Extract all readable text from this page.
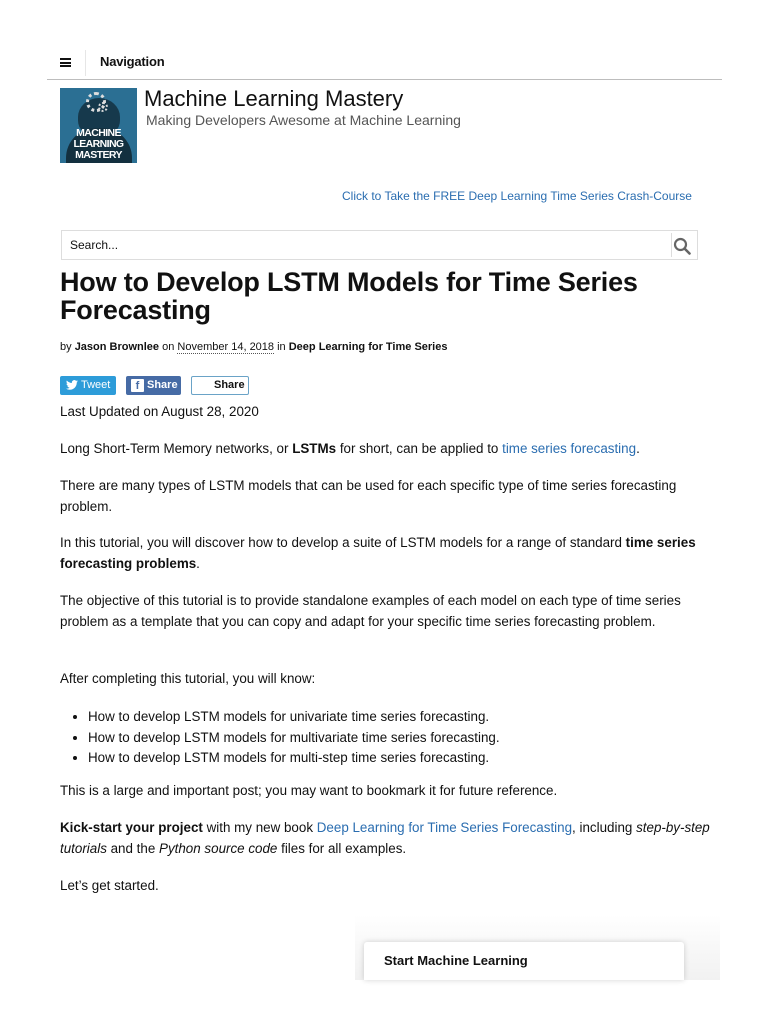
Navigation
MACHINE
LEARNING
MASTERY
Machine Learning Mastery
Making Developers Awesome at Machine Learning
Click to Take the FREE Deep Learning Time Series Crash-Course
Search...
How to Develop LSTM Models for Time Series Forecasting
by Jason Brownlee on November 14, 2018 in Deep Learning for Time Series
Tweet	f Share	Share
Last Updated on August 28, 2020
Long Short-Term Memory networks, or LSTMs for short, can be applied to time series forecasting.
There are many types of LSTM models that can be used for each specific type of time series forecasting problem.
In this tutorial, you will discover how to develop a suite of LSTM models for a range of standard time series forecasting problems.
The objective of this tutorial is to provide standalone examples of each model on each type of time series problem as a template that you can copy and adapt for your specific time series forecasting problem.
After completing this tutorial, you will know:
• How to develop LSTM models for univariate time series forecasting.
• How to develop LSTM models for multivariate time series forecasting.
• How to develop LSTM models for multi-step time series forecasting.
This is a large and important post; you may want to bookmark it for future reference.
Kick-start your project with my new book Deep Learning for Time Series Forecasting, including step-by-step tutorials and the Python source code files for all examples.
Let’s get started.
Start Machine Learning
